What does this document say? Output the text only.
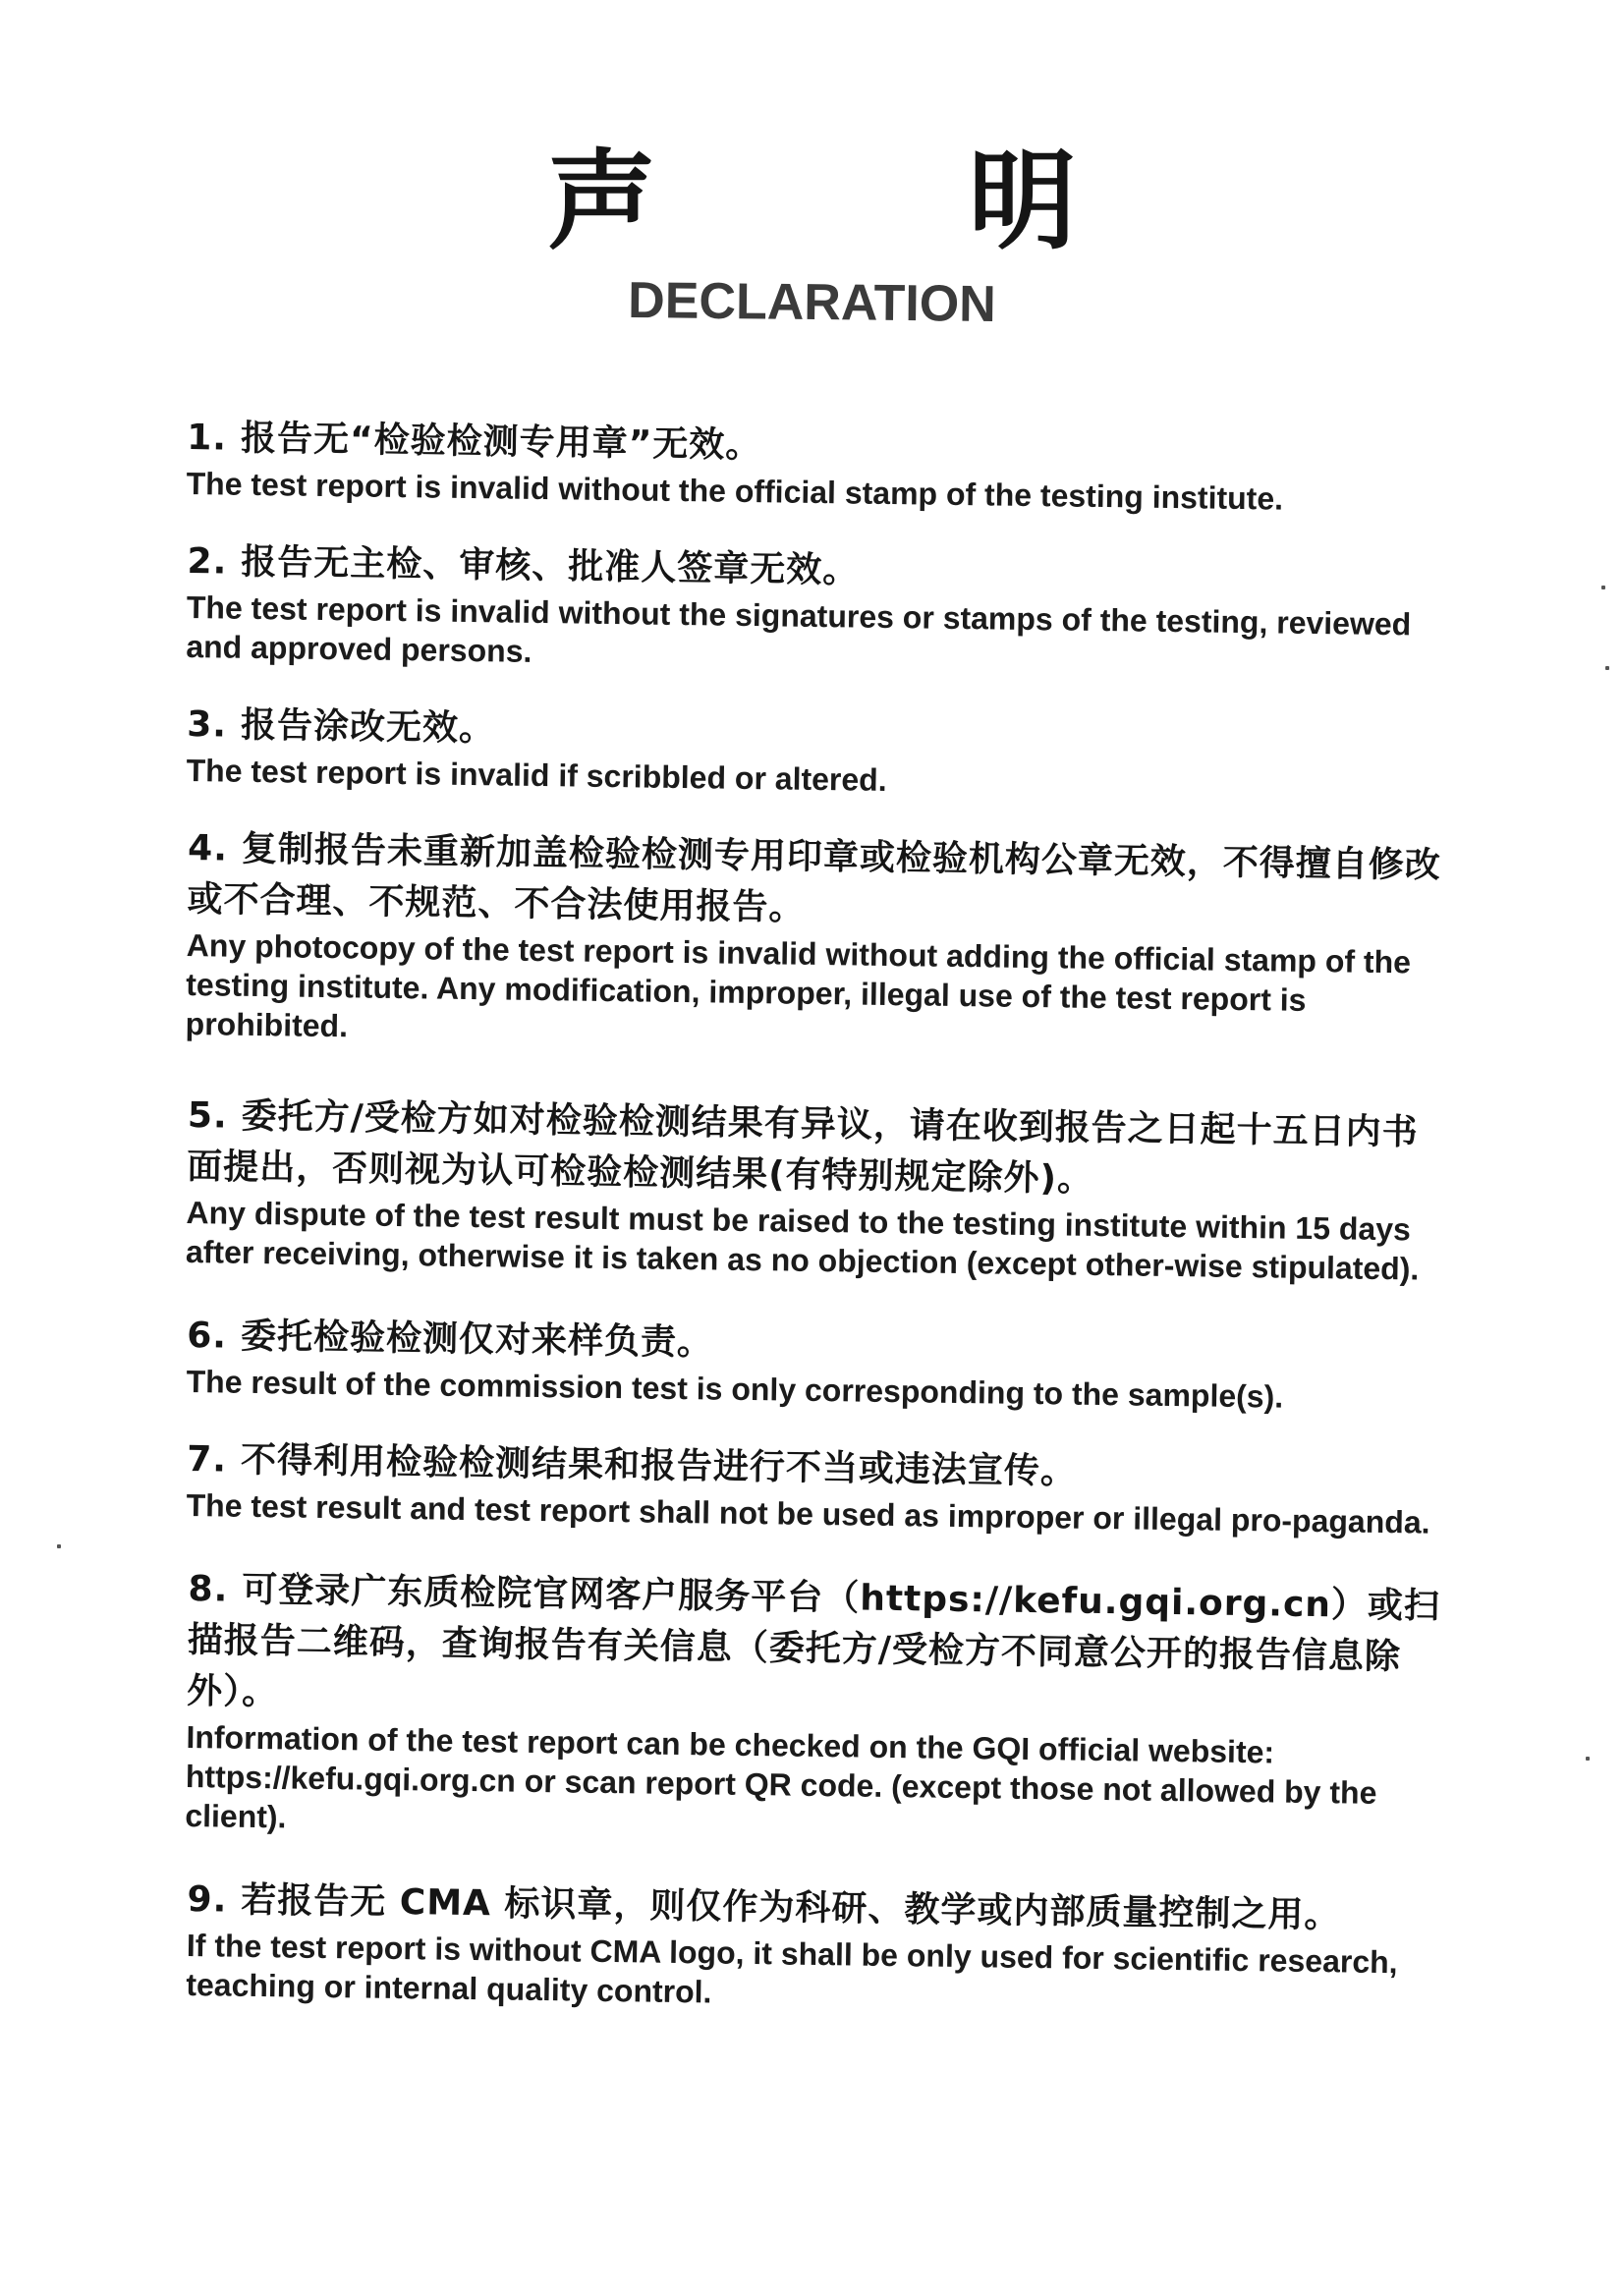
声 明
DECLARATION
1. 报告无“检验检测专用章”无效。
The test report is invalid without the official stamp of the testing institute.
2. 报告无主检、审核、批准人签章无效。
The test report is invalid without the signatures or stamps of the testing, reviewed and approved persons.
3. 报告涂改无效。
The test report is invalid if scribbled or altered.
4. 复制报告未重新加盖检验检测专用印章或检验机构公章无效，不得擅自修改或不合理、不规范、不合法使用报告。
Any photocopy of the test report is invalid without adding the official stamp of the testing institute. Any modification, improper, illegal use of the test report is prohibited.
5. 委托方/受检方如对检验检测结果有异议，请在收到报告之日起十五日内书面提出，否则视为认可检验检测结果(有特别规定除外)。
Any dispute of the test result must be raised to the testing institute within 15 days after receiving, otherwise it is taken as no objection (except other-wise stipulated).
6. 委托检验检测仅对来样负责。
The result of the commission test is only corresponding to the sample(s).
7. 不得利用检验检测结果和报告进行不当或违法宣传。
The test result and test report shall not be used as improper or illegal pro-paganda.
8. 可登录广东质检院官网客户服务平台（https://kefu.gqi.org.cn）或扫描报告二维码，查询报告有关信息（委托方/受检方不同意公开的报告信息除外）。
Information of the test report can be checked on the GQI official website: https://kefu.gqi.org.cn or scan report QR code. (except those not allowed by the client).
9. 若报告无 CMA 标识章，则仅作为科研、教学或内部质量控制之用。
If the test report is without CMA logo, it shall be only used for scientific research, teaching or internal quality control.
